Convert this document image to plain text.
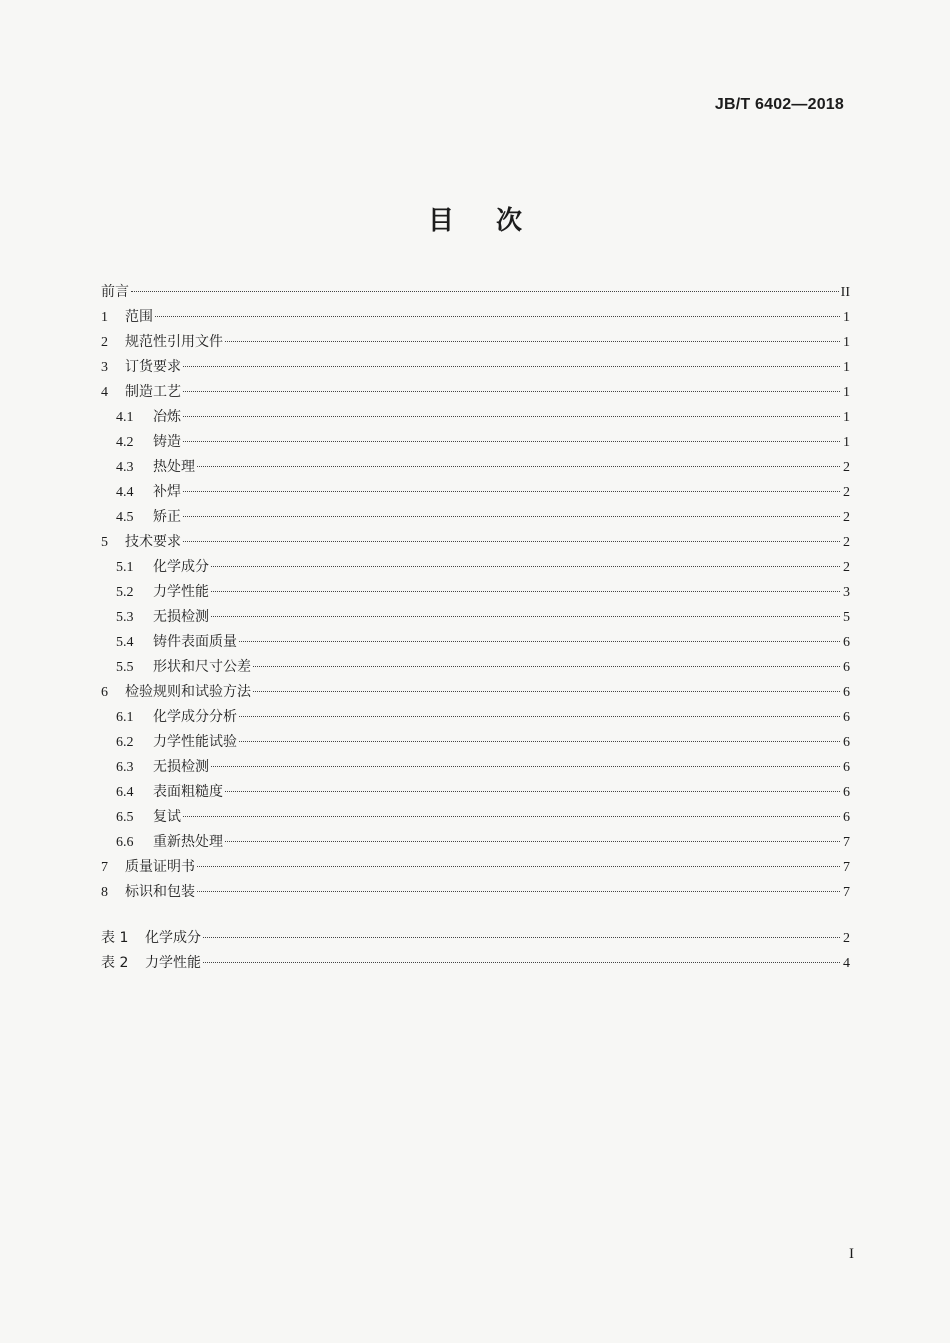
JB/T 6402—2018
目 次
前言	II
1	范围	1
2	规范性引用文件	1
3	订货要求	1
4	制造工艺	1
4.1	冶炼	1
4.2	铸造	1
4.3	热处理	2
4.4	补焊	2
4.5	矫正	2
5	技术要求	2
5.1	化学成分	2
5.2	力学性能	3
5.3	无损检测	5
5.4	铸件表面质量	6
5.5	形状和尺寸公差	6
6	检验规则和试验方法	6
6.1	化学成分分析	6
6.2	力学性能试验	6
6.3	无损检测	6
6.4	表面粗糙度	6
6.5	复试	6
6.6	重新热处理	7
7	质量证明书	7
8	标识和包装	7
表 1	化学成分	2
表 2	力学性能	4
I
